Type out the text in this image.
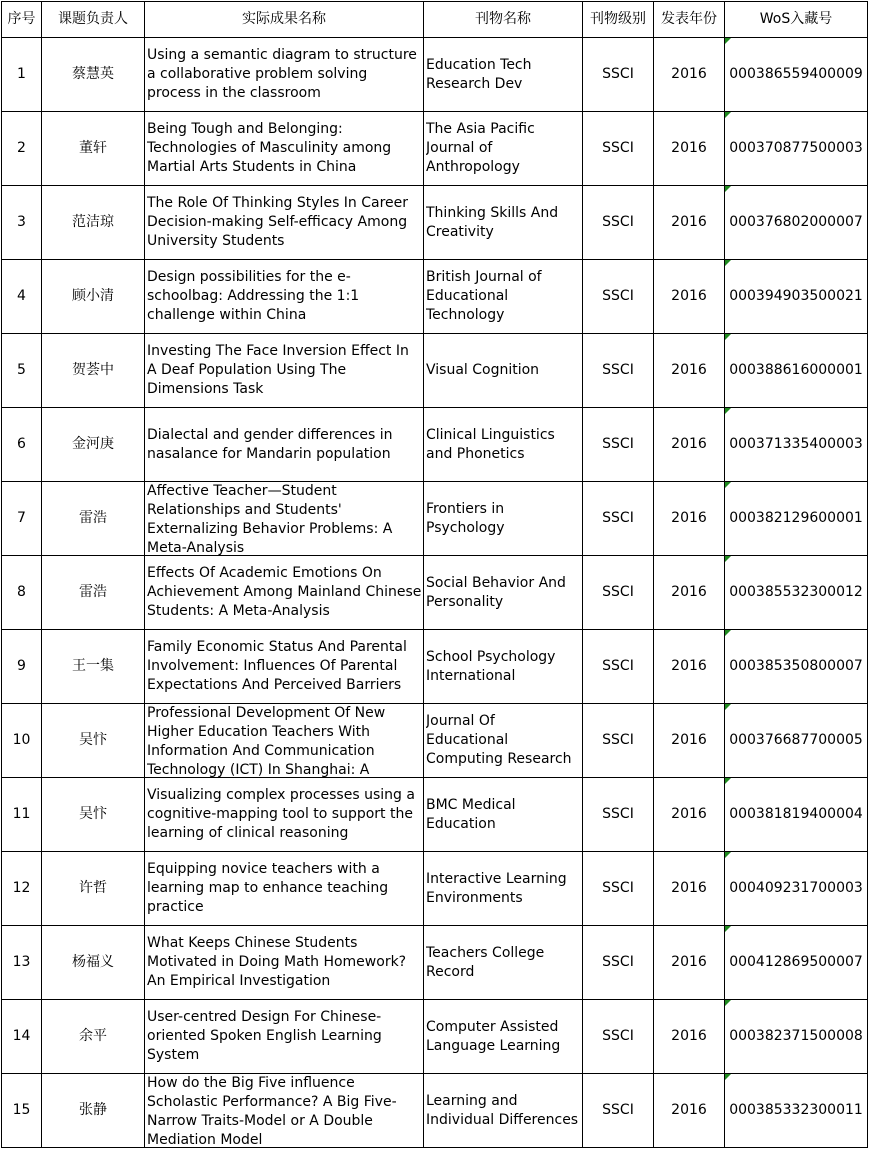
序号	课题负责人	实际成果名称	刊物名称	刊物级别	发表年份	WoS入藏号

1	蔡慧英	Using a semantic diagram to structure a collaborative problem solving process in the classroom	Education Tech Research Dev	SSCI	2016	000386559400009

2	董轩	Being Tough and Belonging: Technologies of Masculinity among Martial Arts Students in China	The Asia Pacific Journal of Anthropology	SSCI	2016	000370877500003

3	范洁琼	The Role Of Thinking Styles In Career Decision-making Self-efficacy Among University Students	Thinking Skills And Creativity	SSCI	2016	000376802000007

4	顾小清	Design possibilities for the e-schoolbag: Addressing the 1:1 challenge within China	British Journal of Educational Technology	SSCI	2016	000394903500021

5	贺荟中	Investing The Face Inversion Effect In A Deaf Population Using The Dimensions Task	Visual Cognition	SSCI	2016	000388616000001

6	金河庚	Dialectal and gender differences in nasalance for Mandarin population	Clinical Linguistics and Phonetics	SSCI	2016	000371335400003

7	雷浩	Affective Teacher—Student Relationships and Students' Externalizing Behavior Problems: A Meta-Analysis	Frontiers in Psychology	SSCI	2016	000382129600001

8	雷浩	Effects Of Academic Emotions On Achievement Among Mainland Chinese Students: A Meta-Analysis	Social Behavior And Personality	SSCI	2016	000385532300012

9	王一集	Family Economic Status And Parental Involvement: Influences Of Parental Expectations And Perceived Barriers	School Psychology International	SSCI	2016	000385350800007

10	吴忭	Professional Development Of New Higher Education Teachers With Information And Communication Technology (ICT) In Shanghai: A	Journal Of Educational Computing Research	SSCI	2016	000376687700005

11	吴忭	Visualizing complex processes using a cognitive-mapping tool to support the learning of clinical reasoning	BMC Medical Education	SSCI	2016	000381819400004

12	许哲	Equipping novice teachers with a learning map to enhance teaching practice	Interactive Learning Environments	SSCI	2016	000409231700003

13	杨福义	What Keeps Chinese Students Motivated in Doing Math Homework? An Empirical Investigation	Teachers College Record	SSCI	2016	000412869500007

14	余平	User-centred Design For Chinese-oriented Spoken English Learning System	Computer Assisted Language Learning	SSCI	2016	000382371500008

15	张静	How do the Big Five influence Scholastic Performance? A Big Five-Narrow Traits-Model or A Double Mediation Model	Learning and Individual Differences	SSCI	2016	000385332300011
